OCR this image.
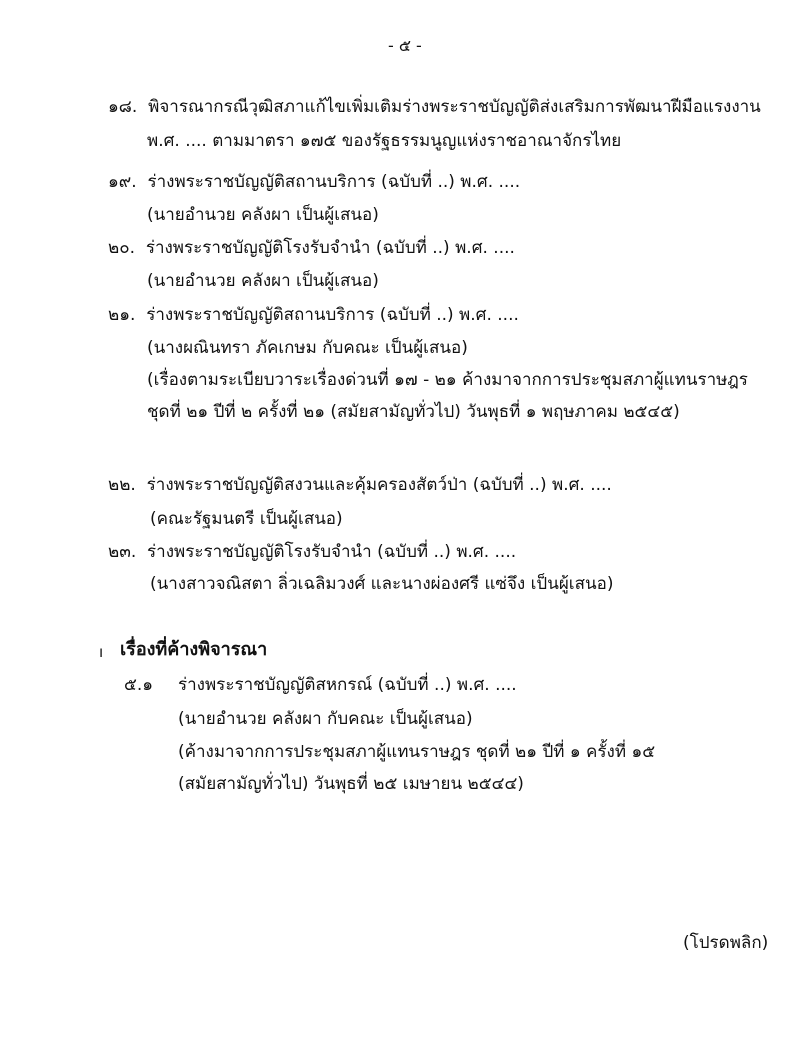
- ๕ -
๑๘. พิจารณากรณีวุฒิสภาแก้ไขเพิ่มเติมร่างพระราชบัญญัติส่งเสริมการพัฒนาฝีมือแรงงาน
พ.ศ. .... ตามมาตรา ๑๗๕ ของรัฐธรรมนูญแห่งราชอาณาจักรไทย
๑๙. ร่างพระราชบัญญัติสถานบริการ (ฉบับที่ ..) พ.ศ. ....
(นายอำนวย คลังผา เป็นผู้เสนอ)
๒๐. ร่างพระราชบัญญัติโรงรับจำนำ (ฉบับที่ ..) พ.ศ. ....
(นายอำนวย คลังผา เป็นผู้เสนอ)
๒๑. ร่างพระราชบัญญัติสถานบริการ (ฉบับที่ ..) พ.ศ. ....
(นางผณินทรา ภัคเกษม กับคณะ เป็นผู้เสนอ)
(เรื่องตามระเบียบวาระเรื่องด่วนที่ ๑๗ - ๒๑ ค้างมาจากการประชุมสภาผู้แทนราษฎร
ชุดที่ ๒๑ ปีที่ ๒ ครั้งที่ ๒๑ (สมัยสามัญทั่วไป) วันพุธที่ ๑ พฤษภาคม ๒๕๔๕)
๒๒. ร่างพระราชบัญญัติสงวนและคุ้มครองสัตว์ป่า (ฉบับที่ ..) พ.ศ. ....
(คณะรัฐมนตรี เป็นผู้เสนอ)
๒๓. ร่างพระราชบัญญัติโรงรับจำนำ (ฉบับที่ ..) พ.ศ. ....
(นางสาวจณิสตา ลิ่วเฉลิมวงศ์ และนางผ่องศรี แซ่จึง เป็นผู้เสนอ)
ı เรื่องที่ค้างพิจารณา
๕.๑ ร่างพระราชบัญญัติสหกรณ์ (ฉบับที่ ..) พ.ศ. ....
(นายอำนวย คลังผา กับคณะ เป็นผู้เสนอ)
(ค้างมาจากการประชุมสภาผู้แทนราษฎร ชุดที่ ๒๑ ปีที่ ๑ ครั้งที่ ๑๕
(สมัยสามัญทั่วไป) วันพุธที่ ๒๕ เมษายน ๒๕๔๔)
(โปรดพลิก)
